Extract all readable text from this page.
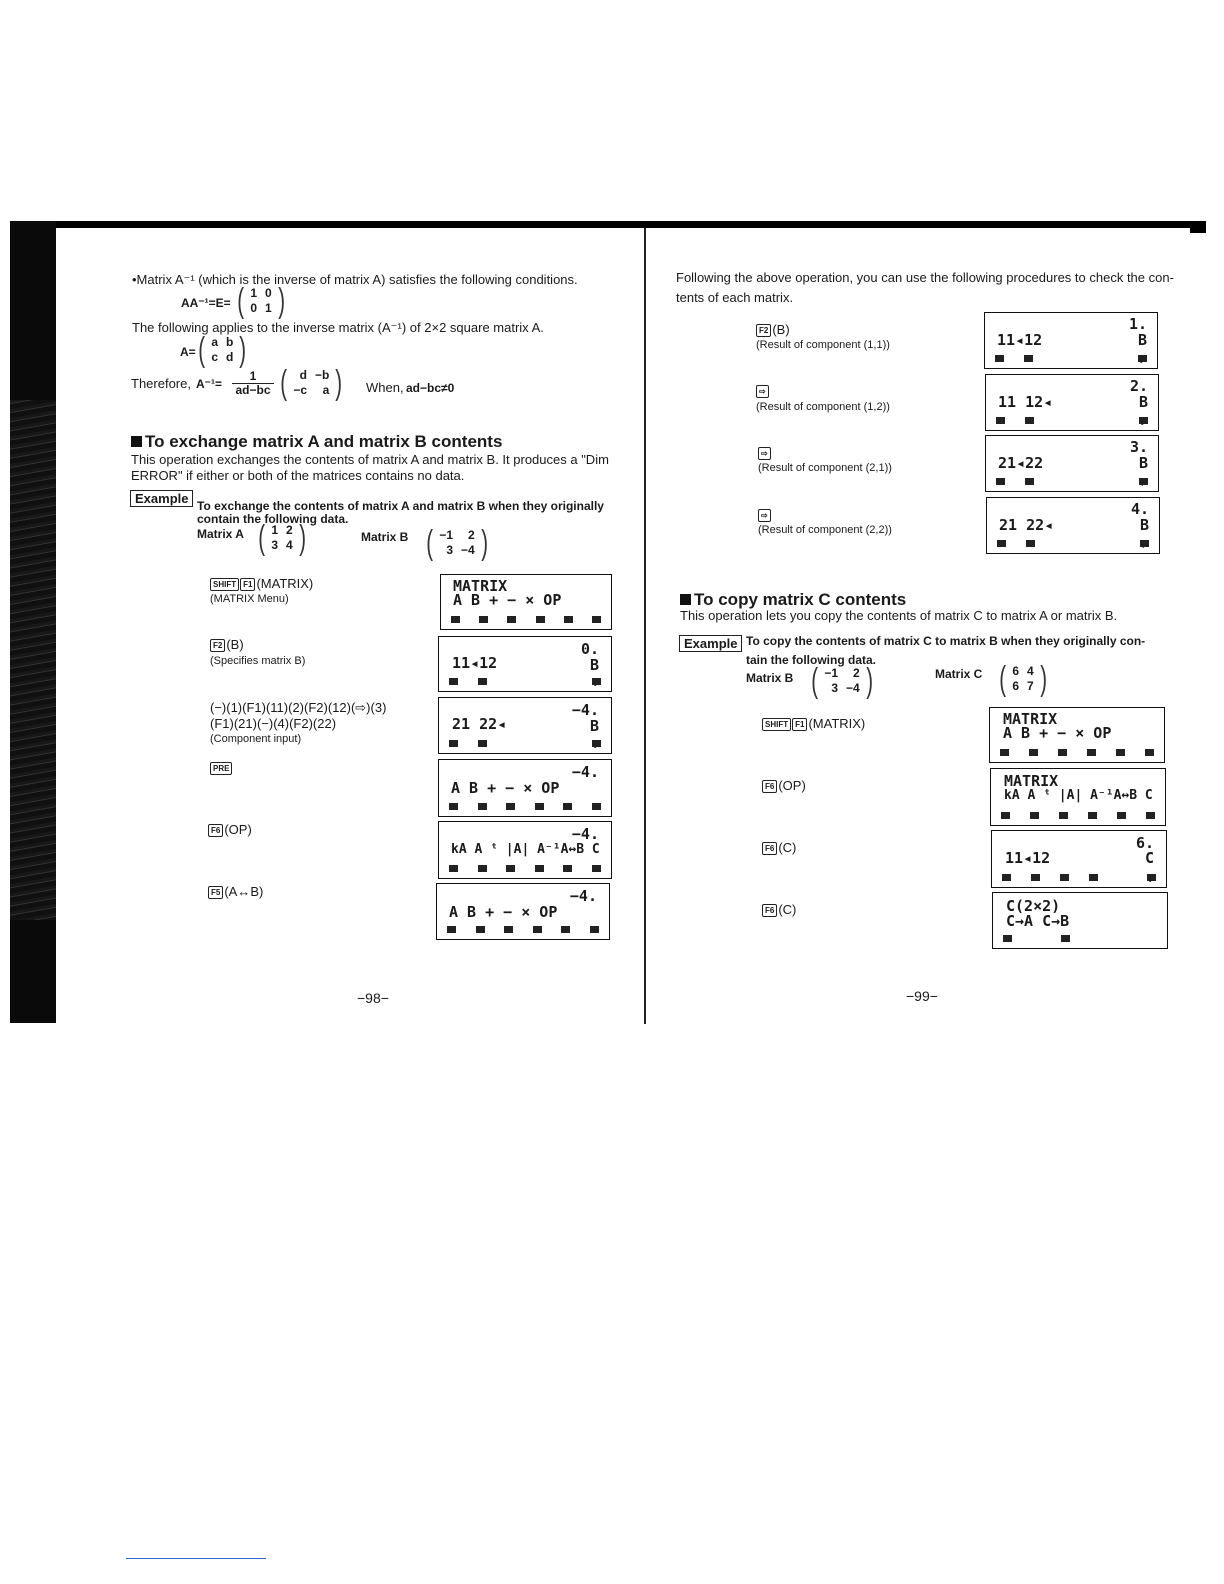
•Matrix A⁻¹ (which is the inverse of matrix A) satisfies the following conditions.
AA⁻¹=E= ( 1	0
0	1 )
The following applies to the inverse matrix (A⁻¹) of 2×2 square matrix A.
A= ( a	b
c	d )
Therefore, $A^{-1}= \frac{1}{ad-bc}$ ( d	−b
−c	a ) When, ad−bc≠0
To exchange matrix A and matrix B contents
This operation exchanges the contents of matrix A and matrix B. It produces a "Dim
ERROR" if either or both of the matrices contains no data.
Example To exchange the contents of matrix A and matrix B when they originally
contain the following data.
Matrix A ( 1	2
3	4 )	Matrix B ( −1	2
3	−4 )
SHIFT F1 (MATRIX)
(MATRIX Menu)
F2 (B)
(Specifies matrix B)
(−)(1)(F1)(11)(2)(F2)(12)(⇨)(3)
(F1)(21)(−)(4)(F2)(22)
(Component input)
PRE
F6 (OP)
F5 (A↔B)
MATRIX
A B + − × OP
0.
B
11◂12
↓
−4.
B
21 22◂
↓
−4.
A B + − × OP
−4.
kA A ᵗ |A| A⁻¹A↔B C
−4.
A B + − × OP
−98−
Following the above operation, you can use the following procedures to check the con-
tents of each matrix.
F2 (B)
(Result of component (1,1))
⇨
(Result of component (1,2))
⇨
(Result of component (2,1))
⇨
(Result of component (2,2))
1.
B
11◂12
↓
2.
B
11 12◂
↓
3.
B
21◂22
↑
4.
B
21 22◂
↑
To copy matrix C contents
This operation lets you copy the contents of matrix C to matrix A or matrix B.
Example To copy the contents of matrix C to matrix B when they originally con-
tain the following data.
Matrix B ( −1	2
3	−4 )	Matrix C ( 6	4
6	7 )
SHIFT F1 (MATRIX)
F6 (OP)
F6 (C)
F6 (C)
MATRIX
A B + − × OP
MATRIX
kA A ᵗ |A| A⁻¹A↔B C
6.
C
11◂12
↓
C(2×2)
C→A C→B
−99−
